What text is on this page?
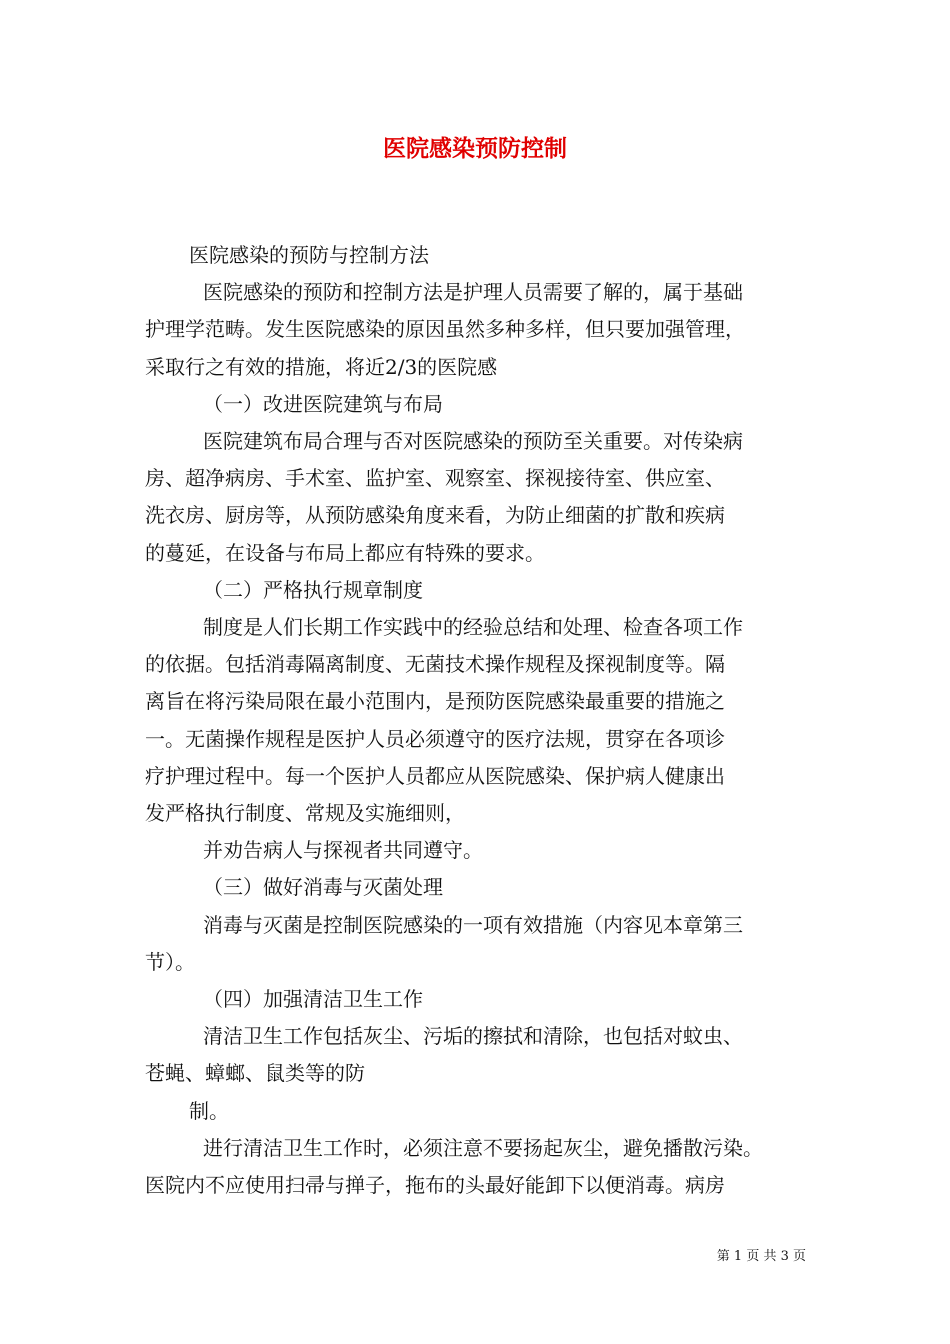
医院感染预防控制

医院感染的预防与控制方法

医院感染的预防和控制方法是护理人员需要了解的，属于基础

护理学范畴。发生医院感染的原因虽然多种多样，但只要加强管理，

采取行之有效的措施，将近2/3的医院感

（一）改进医院建筑与布局

医院建筑布局合理与否对医院感染的预防至关重要。对传染病

房、超净病房、手术室、监护室、观察室、探视接待室、供应室、

洗衣房、厨房等，从预防感染角度来看，为防止细菌的扩散和疾病

的蔓延，在设备与布局上都应有特殊的要求。

（二）严格执行规章制度

制度是人们长期工作实践中的经验总结和处理、检查各项工作

的依据。包括消毒隔离制度、无菌技术操作规程及探视制度等。隔

离旨在将污染局限在最小范围内，是预防医院感染最重要的措施之

一。无菌操作规程是医护人员必须遵守的医疗法规，贯穿在各项诊

疗护理过程中。每一个医护人员都应从医院感染、保护病人健康出

发严格执行制度、常规及实施细则，

并劝告病人与探视者共同遵守。

（三）做好消毒与灭菌处理

消毒与灭菌是控制医院感染的一项有效措施（内容见本章第三

节）。

（四）加强清洁卫生工作

清洁卫生工作包括灰尘、污垢的擦拭和清除，也包括对蚊虫、

苍蝇、蟑螂、鼠类等的防

制。

进行清洁卫生工作时，必须注意不要扬起灰尘，避免播散污染。

医院内不应使用扫帚与掸子，拖布的头最好能卸下以便消毒。病房

第 1 页 共 3 页
